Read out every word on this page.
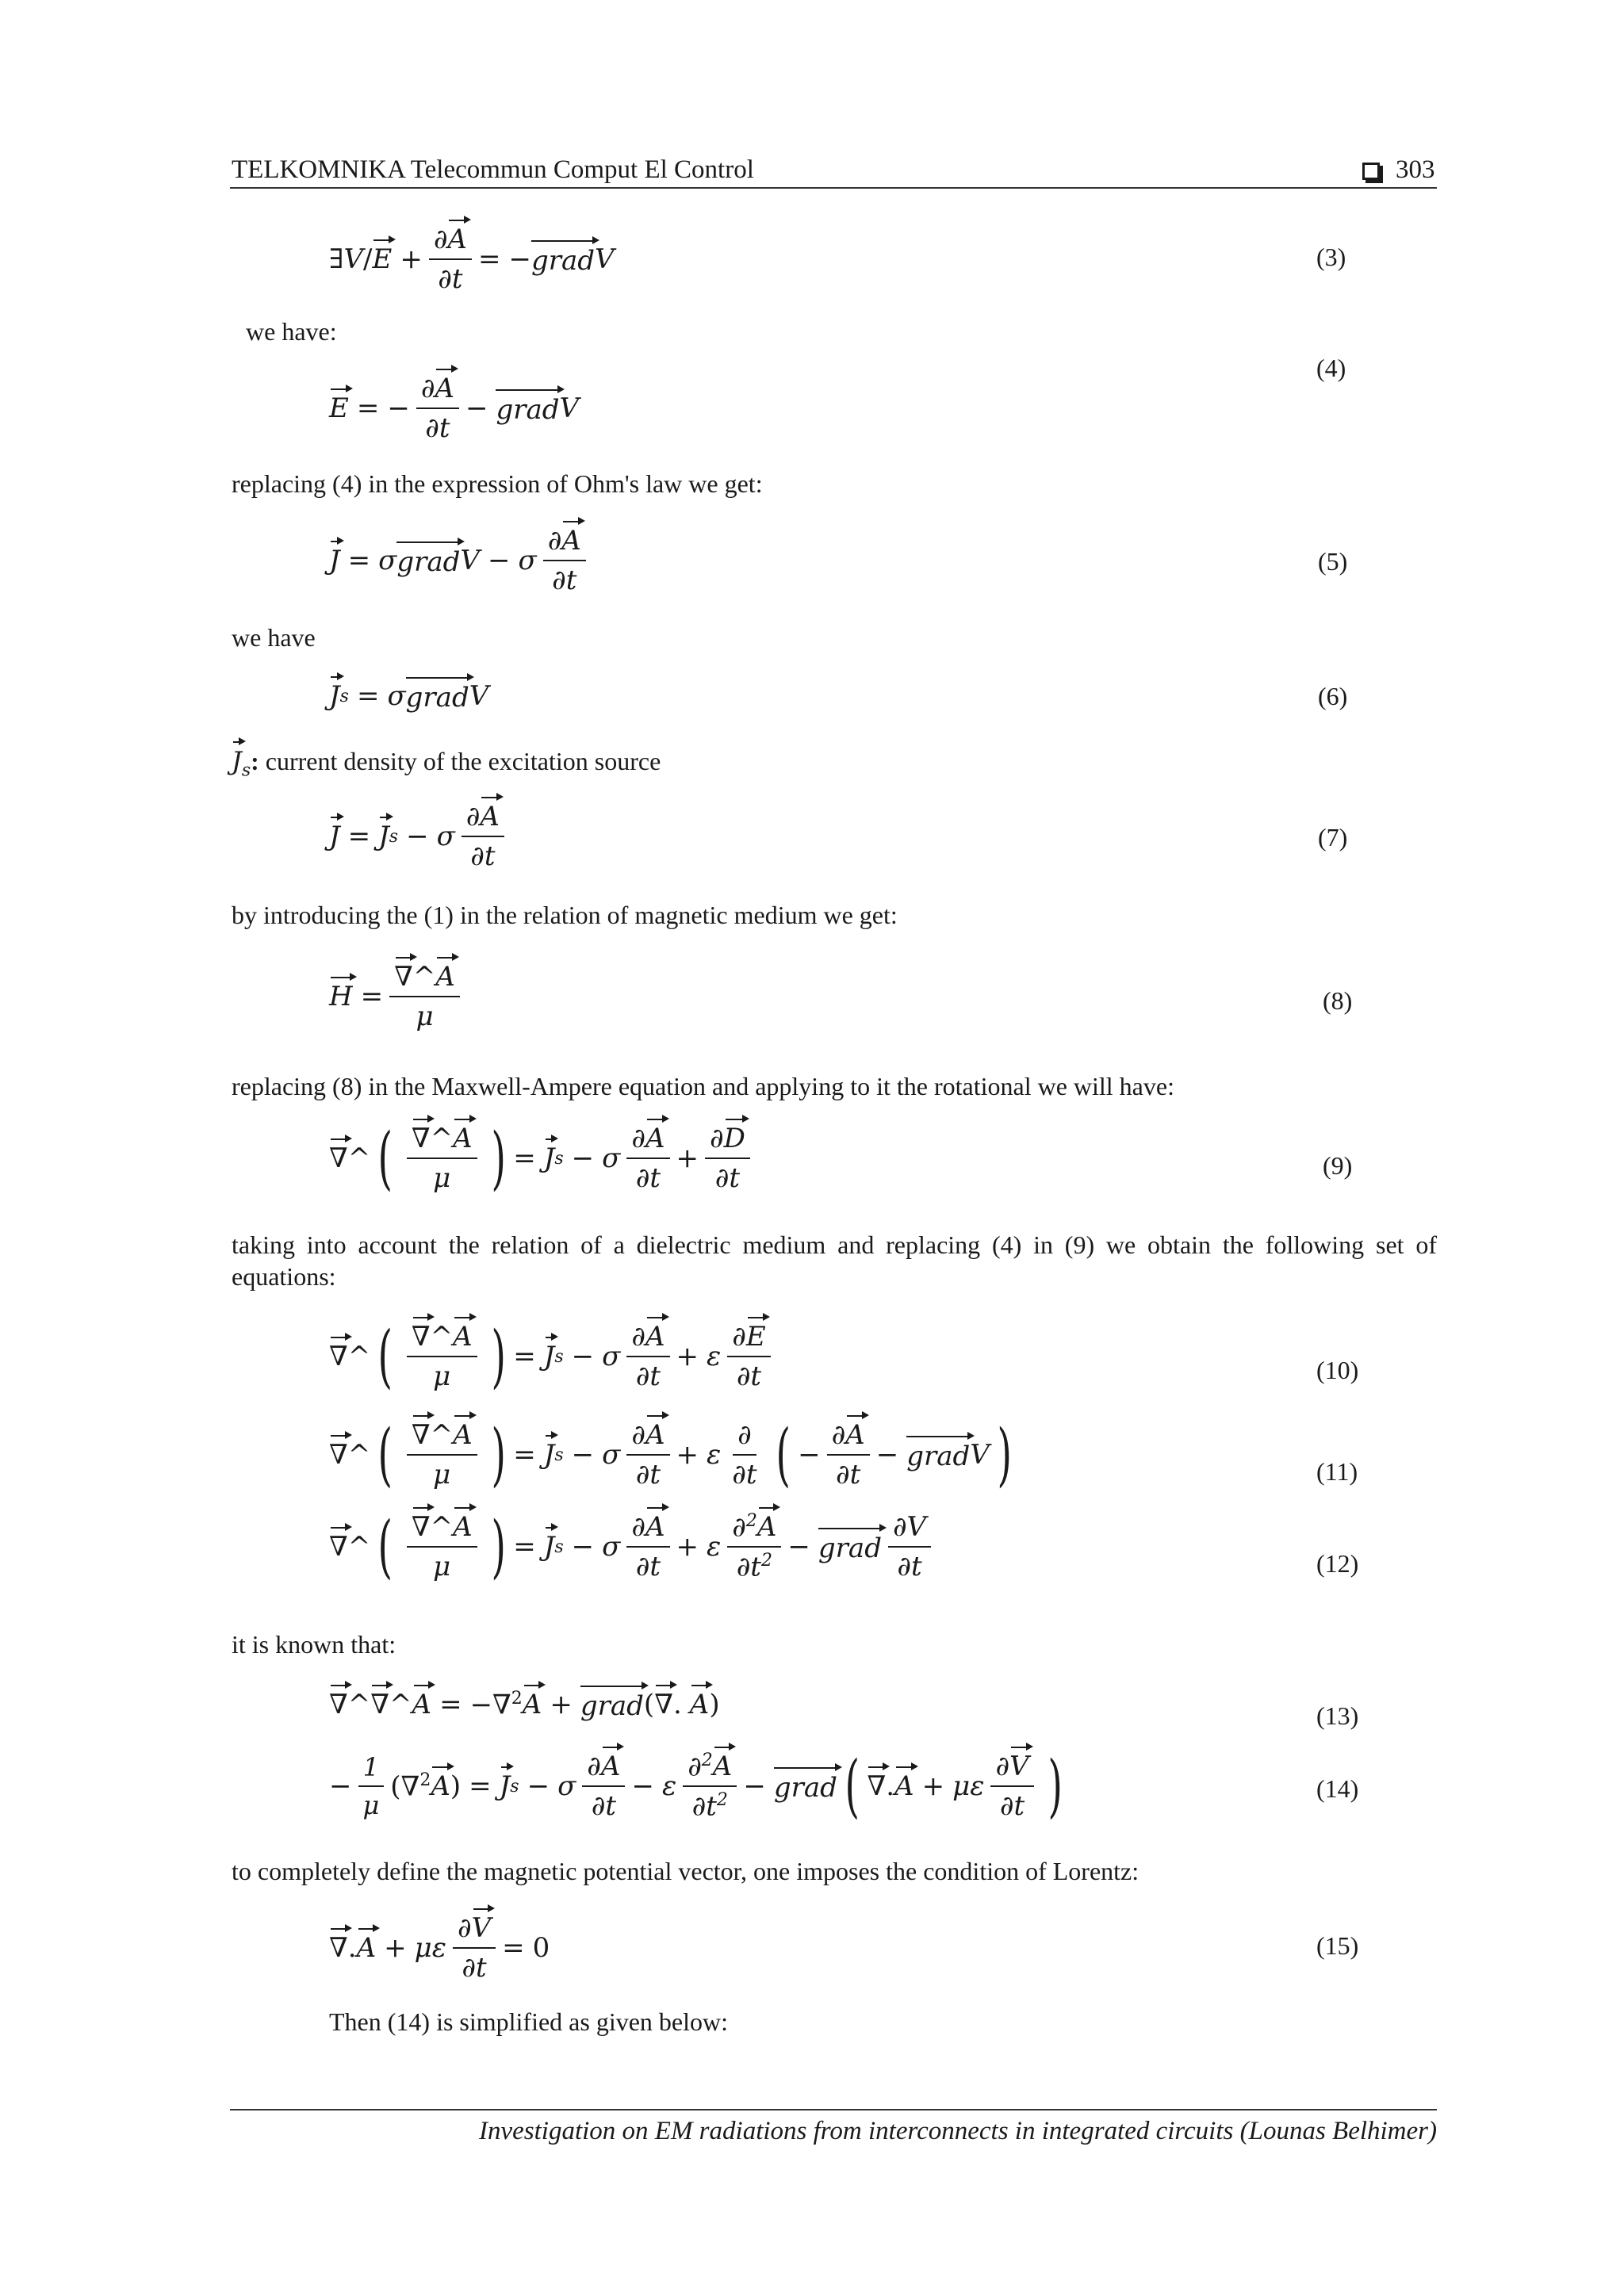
TELKOMNIKA Telecommun Comput El Control	303
∃ $V / E + \frac{\partial A}{\partial t}$ = − grad V	(3)
we have:
(4)
E = − $\frac{\partial A}{\partial t}$ − grad V
replacing (4) in the expression of Ohm's law we get:
J = σ grad V − σ $\frac{\partial A}{\partial t}$	(5)
we have
J s = σ grad V	(6)
$J_s$: current density of the excitation source
J = J s − σ $\frac{\partial A}{\partial t}$	(7)
by introducing the (1) in the relation of magnetic medium we get:
$H = \frac{\nabla\^{}A}{\mu}$	(8)
replacing (8) in the Maxwell-Ampere equation and applying to it the rotational we will have:
∇ ^ ( $\frac{\nabla\^{}A}{\mu}$ ) = J s − σ $\frac{\partial A}{\partial t} + \frac{\partial D}{\partial t}$	(9)
taking into account the relation of a dielectric medium and replacing (4) in (9) we obtain the following set of equations:
∇ ^ ( $\frac{\nabla\^{}A}{\mu}$ ) = J s − σ $\frac{\partial A}{\partial t} + \varepsilon \frac{\partial E}{\partial t}$	(10)
∇ ^ ( $\frac{\nabla\^{}A}{\mu}$ ) = J s − σ $\frac{\partial A}{\partial t} + \varepsilon \frac{\partial}{\partial t}$ ( − $\frac{\partial A}{\partial t}$ − grad V )	(11)
∇ ^ ( $\frac{\nabla\^{}A}{\mu}$ ) = J s − σ $\frac{\partial A}{\partial t} + \varepsilon \frac{\partial^2A}{\partial t^2}$ − grad $\frac{\partial V}{\partial t}$	(12)
it is known that:
∇ ^ ∇ ^ A = −∇$^2$ A + grad ( ∇ . A )	(13)
− $\frac{1}{\mu} (\nabla^2$ A ) = J s − σ $\frac{\partial A}{\partial t} - \varepsilon \frac{\partial^2A}{\partial t^2}$ − grad ( ∇ . A + με $\frac{\partial V}{\partial t}$ )	(14)
to completely define the magnetic potential vector, one imposes the condition of Lorentz:
∇ . A + με $\frac{\partial V}{\partial t} = 0$	(15)
Then (14) is simplified as given below:
Investigation on EM radiations from interconnects in integrated circuits (Lounas Belhimer)
